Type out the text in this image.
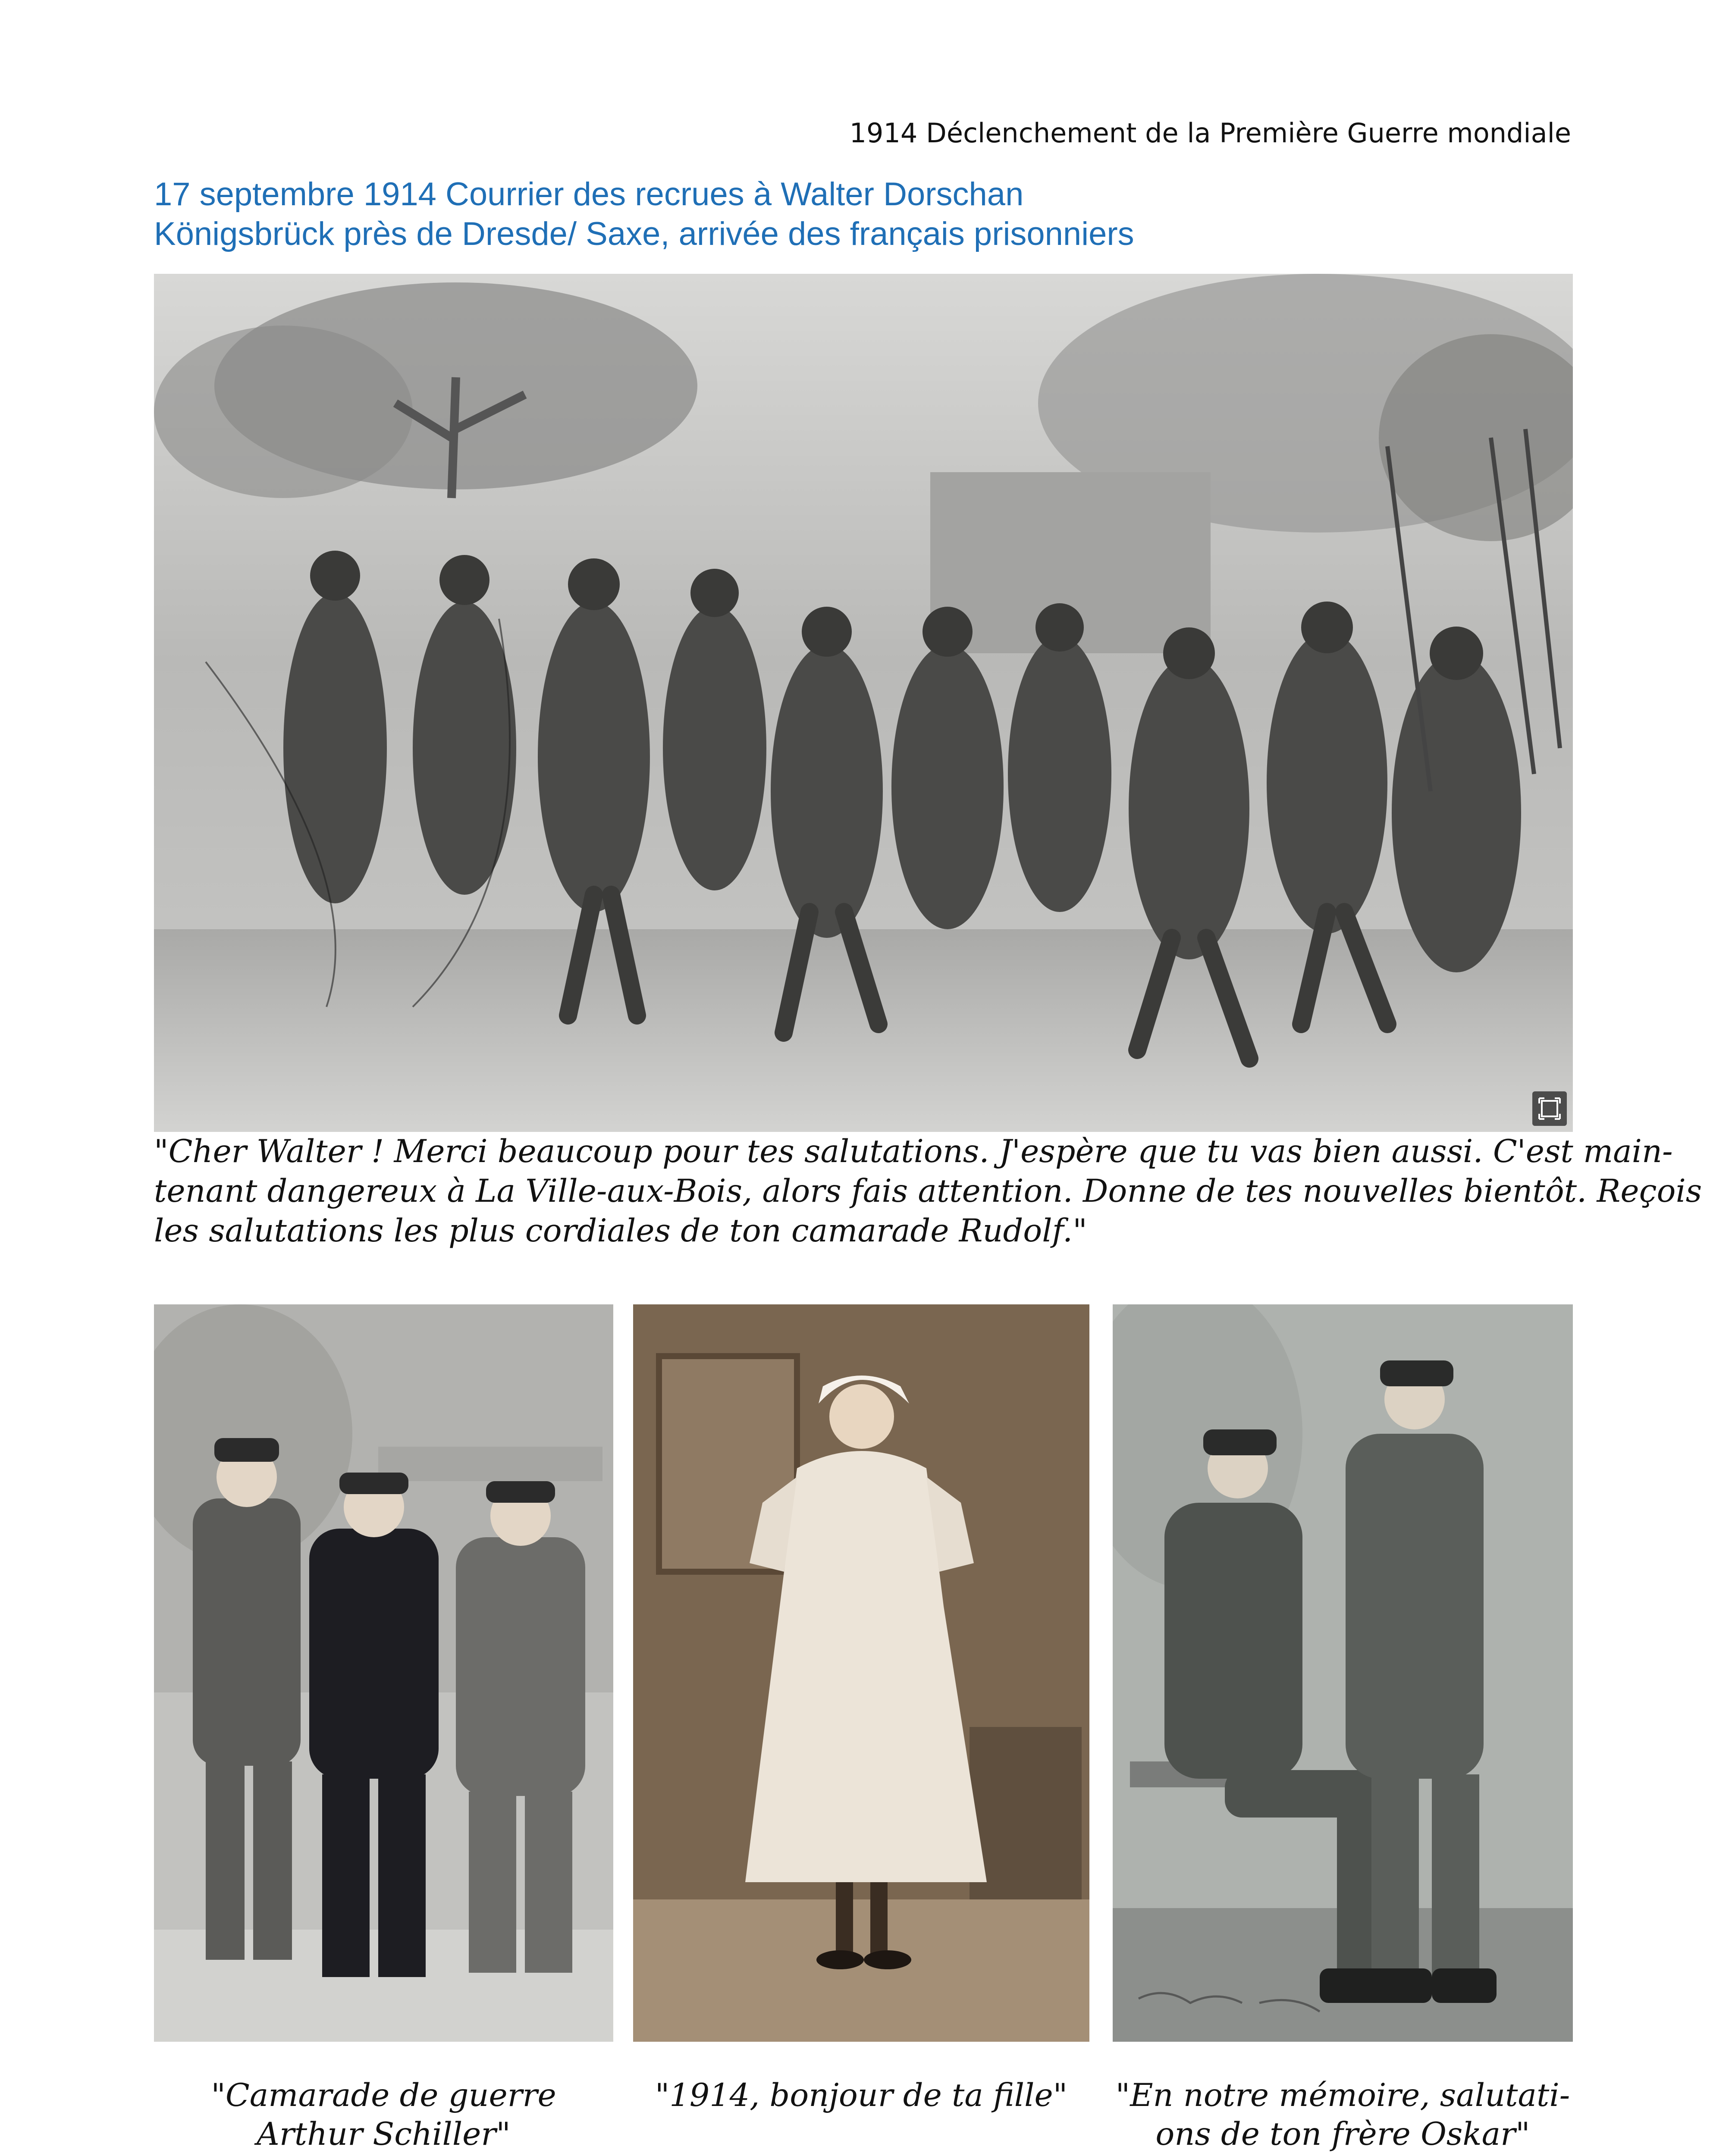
1914 Déclenchement de la Première Guerre mondiale
17 septembre 1914 Courrier des recrues à Walter Dorschan
Königsbrück près de Dresde/ Saxe, arrivée des français prisonniers
"Cher Walter ! Merci beaucoup pour tes salutations. J'espère que tu vas bien aussi. C'est main-
tenant dangereux à La Ville-aux-Bois, alors fais attention. Donne de tes nouvelles bientôt. Reçois
les salutations les plus cordiales de ton camarade Rudolf."
"Camarade de guerre
Arthur Schiller"
"1914, bonjour de ta fille"	"En notre mémoire, salutati-
ons de ton frère Oskar"
